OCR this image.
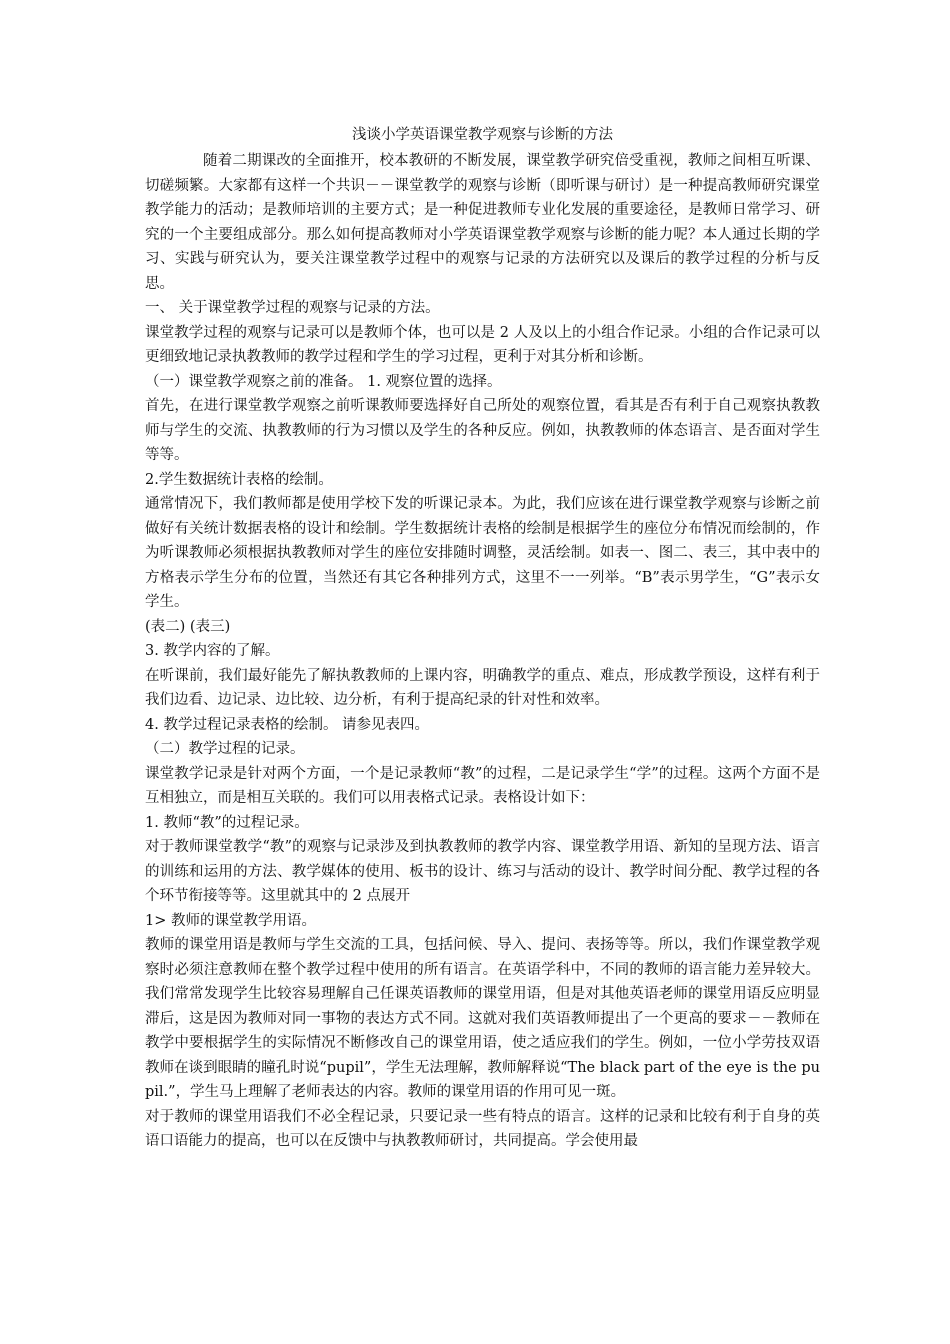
浅谈小学英语课堂教学观察与诊断的方法

随着二期课改的全面推开，校本教研的不断发展，课堂教学研究倍受重视，教师之间相互听课、切磋频繁。大家都有这样一个共识－－课堂教学的观察与诊断（即听课与研讨）是一种提高教师研究课堂教学能力的活动；是教师培训的主要方式；是一种促进教师专业化发展的重要途径，是教师日常学习、研究的一个主要组成部分。那么如何提高教师对小学英语课堂教学观察与诊断的能力呢？本人通过长期的学习、实践与研究认为，要关注课堂教学过程中的观察与记录的方法研究以及课后的教学过程的分析与反思。

一、 关于课堂教学过程的观察与记录的方法。

课堂教学过程的观察与记录可以是教师个体，也可以是 2 人及以上的小组合作记录。小组的合作记录可以更细致地记录执教教师的教学过程和学生的学习过程，更利于对其分析和诊断。

（一）课堂教学观察之前的准备。 1. 观察位置的选择。

首先，在进行课堂教学观察之前听课教师要选择好自己所处的观察位置，看其是否有利于自己观察执教教师与学生的交流、执教教师的行为习惯以及学生的各种反应。例如，执教教师的体态语言、是否面对学生等等。

2.学生数据统计表格的绘制。

通常情况下，我们教师都是使用学校下发的听课记录本。为此，我们应该在进行课堂教学观察与诊断之前做好有关统计数据表格的设计和绘制。学生数据统计表格的绘制是根据学生的座位分布情况而绘制的，作为听课教师必须根据执教教师对学生的座位安排随时调整，灵活绘制。如表一、图二、表三，其中表中的方格表示学生分布的位置，当然还有其它各种排列方式，这里不一一列举。“B”表示男学生，“G”表示女学生。

(表二) (表三)

3. 教学内容的了解。

在听课前，我们最好能先了解执教教师的上课内容，明确教学的重点、难点，形成教学预设，这样有利于我们边看、边记录、边比较、边分析，有利于提高纪录的针对性和效率。

4. 教学过程记录表格的绘制。 请参见表四。

（二）教学过程的记录。

课堂教学记录是针对两个方面，一个是记录教师“教”的过程，二是记录学生“学”的过程。这两个方面不是互相独立，而是相互关联的。我们可以用表格式记录。表格设计如下：

1. 教师“教”的过程记录。

对于教师课堂教学“教”的观察与记录涉及到执教教师的教学内容、课堂教学用语、新知的呈现方法、语言的训练和运用的方法、教学媒体的使用、板书的设计、练习与活动的设计、教学时间分配、教学过程的各个环节衔接等等。这里就其中的 2 点展开

1> 教师的课堂教学用语。

教师的课堂用语是教师与学生交流的工具，包括问候、导入、提问、表扬等等。所以，我们作课堂教学观察时必须注意教师在整个教学过程中使用的所有语言。在英语学科中，不同的教师的语言能力差异较大。我们常常发现学生比较容易理解自己任课英语教师的课堂用语，但是对其他英语老师的课堂用语反应明显滞后，这是因为教师对同一事物的表达方式不同。这就对我们英语教师提出了一个更高的要求－－教师在教学中要根据学生的实际情况不断修改自己的课堂用语，使之适应我们的学生。例如，一位小学劳技双语教师在谈到眼睛的瞳孔时说“pupil”，学生无法理解，教师解释说“The black part of the eye is the pupil.”，学生马上理解了老师表达的内容。教师的课堂用语的作用可见一斑。

对于教师的课堂用语我们不必全程记录，只要记录一些有特点的语言。这样的记录和比较有利于自身的英语口语能力的提高，也可以在反馈中与执教教师研讨，共同提高。学会使用最
